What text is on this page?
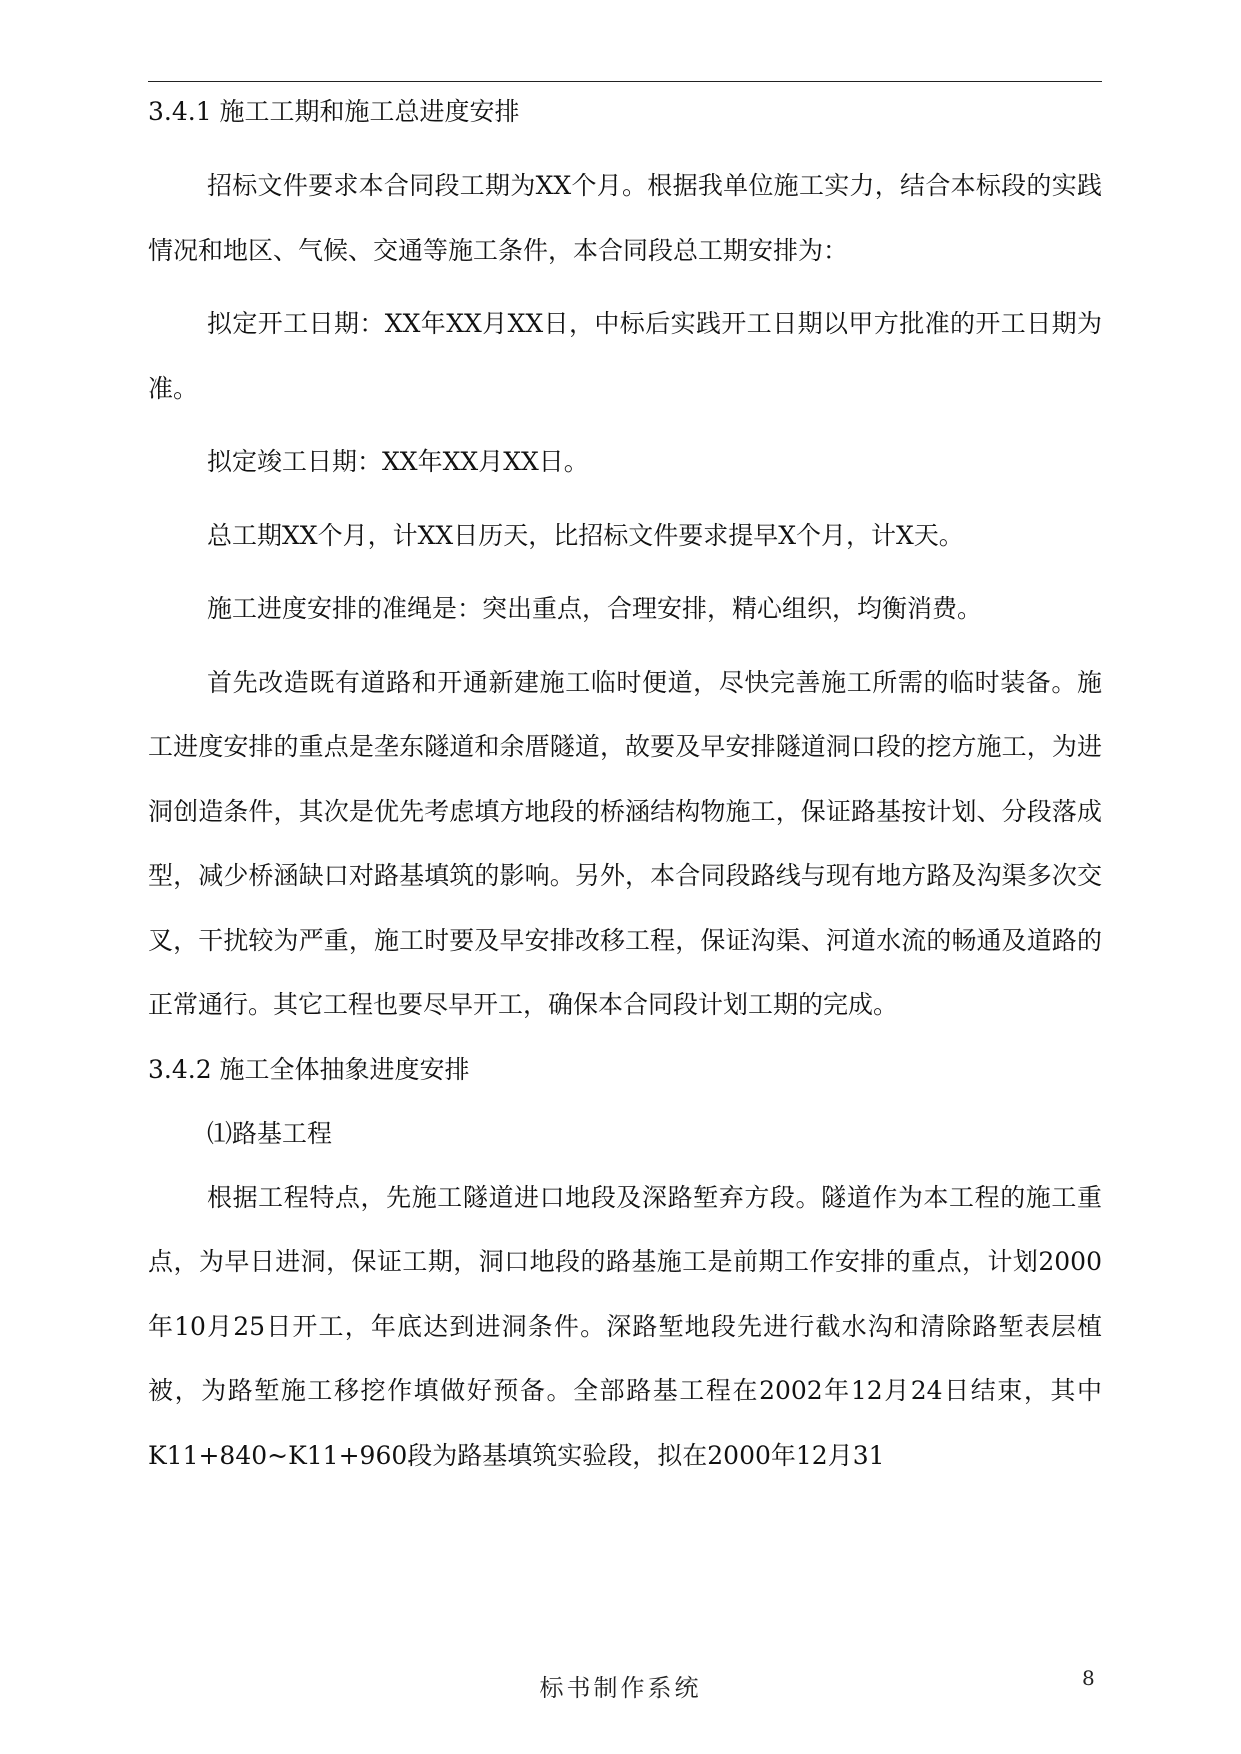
3.4.1 施工工期和施工总进度安排

招标文件要求本合同段工期为XX个月。根据我单位施工实力，结合本标段的实践情况和地区、气候、交通等施工条件，本合同段总工期安排为：

拟定开工日期：XX年XX月XX日，中标后实践开工日期以甲方批准的开工日期为准。

拟定竣工日期：XX年XX月XX日。

总工期XX个月，计XX日历天，比招标文件要求提早X个月，计X天。

施工进度安排的准绳是：突出重点，合理安排，精心组织，均衡消费。

首先改造既有道路和开通新建施工临时便道，尽快完善施工所需的临时装备。施工进度安排的重点是垄东隧道和余厝隧道，故要及早安排隧道洞口段的挖方施工，为进洞创造条件，其次是优先考虑填方地段的桥涵结构物施工，保证路基按计划、分段落成型，减少桥涵缺口对路基填筑的影响。另外，本合同段路线与现有地方路及沟渠多次交叉，干扰较为严重，施工时要及早安排改移工程，保证沟渠、河道水流的畅通及道路的正常通行。其它工程也要尽早开工，确保本合同段计划工期的完成。

3.4.2 施工全体抽象进度安排

⑴路基工程

根据工程特点，先施工隧道进口地段及深路堑弃方段。隧道作为本工程的施工重点，为早日进洞，保证工期，洞口地段的路基施工是前期工作安排的重点，计划2000年10月25日开工，年底达到进洞条件。深路堑地段先进行截水沟和清除路堑表层植被，为路堑施工移挖作填做好预备。全部路基工程在2002年12月24日结束，其中K11+840~K11+960段为路基填筑实验段，拟在2000年12月31

标书制作系统	8
